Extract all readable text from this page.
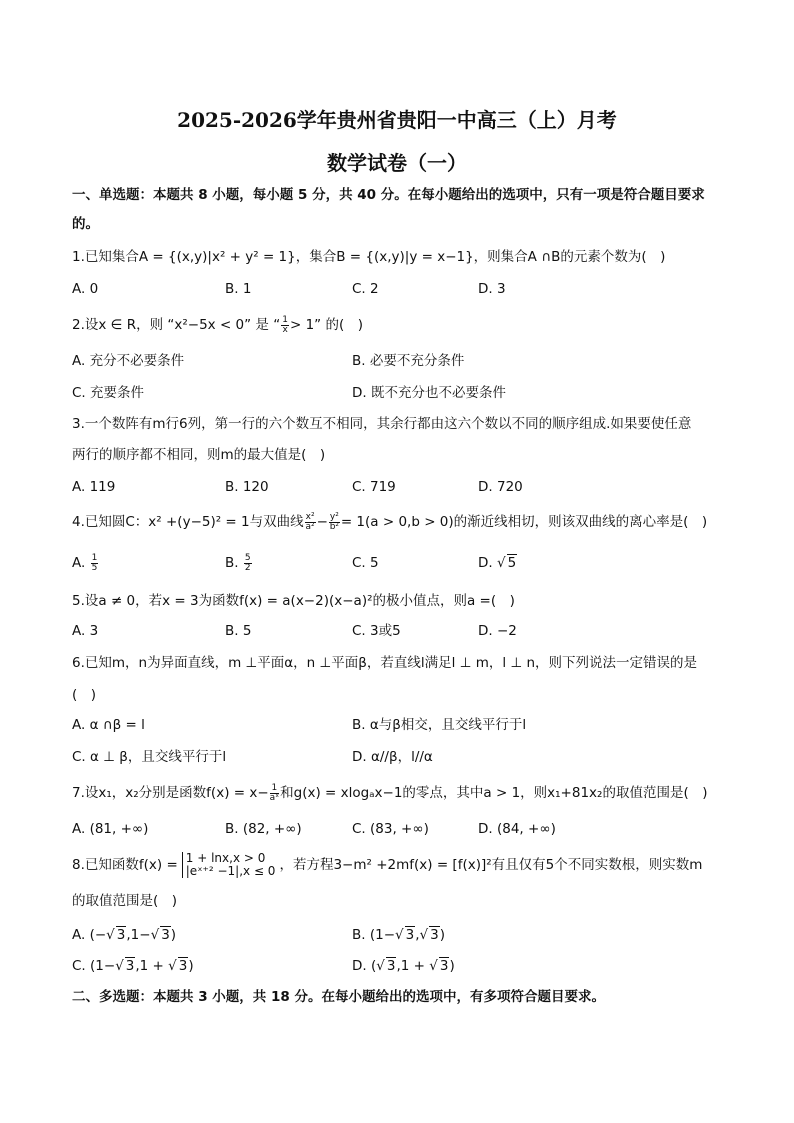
2025-2026学年贵州省贵阳一中高三（上）月考
数学试卷（一）
一、单选题：本题共 8 小题，每小题 5 分，共 40 分。在每小题给出的选项中，只有一项是符合题目要求
的。
1.已知集合A = {(x,y)|x² + y² = 1}，集合B = {(x,y)|y = x−1}，则集合A ∩B的元素个数为(　)
A. 0	B. 1	C. 2	D. 3
2.设x ∈ R，则 “x²−5x < 0” 是 “ $\frac{1}{x} > 1$” 的(　)
A. 充分不必要条件	B. 必要不充分条件
C. 充要条件	D. 既不充分也不必要条件
3.一个数阵有m行6列，第一行的六个数互不相同，其余行都由这六个数以不同的顺序组成.如果要使任意
两行的顺序都不相同，则m的最大值是(　)
A. 119	B. 120	C. 719	D. 720
4.已知圆C：x² +(y−5)² = 1与双曲线 $\frac{\text{x²}}{\text{a²}} - \frac{\text{y²}}{\text{b²}} = 1(a > 0,b > 0)$的渐近线相切，则该双曲线的离心率是(　)
A. $\frac{1}{5}$	B. $\frac{5}{2}$	C. 5	D. √ 5
5.设a ≠ 0，若x = 3为函数f(x) = a(x−2)(x−a)²的极小值点，则a =(　)
A. 3	B. 5	C. 3或5	D. −2
6.已知m，n为异面直线，m ⊥平面α，n ⊥平面β，若直线l满足l ⊥ m，l ⊥ n，则下列说法一定错误的是
(　)
A. α ∩β = l	B. α与β相交，且交线平行于l
C. α ⊥ β，且交线平行于l	D. α//β，l//α
7.设x₁，x₂分别是函数$f(x) = x- \frac{1}{\text{aˣ}}$ 和g(x) = xlogₐx−1的零点，其中a > 1，则x₁+81x₂的取值范围是(　)
A. (81, +∞)	B. (82, +∞)	C. (83, +∞)	D. (84, +∞)
8.已知函数f(x) = 1 + lnx,x > 0
|eˣ⁺² −1|,x ≤ 0 ，若方程3−m² +2mf(x) = [f(x)]²有且仅有5个不同实数根，则实数m
的取值范围是(　)
A. (−√ 3,1−√ 3)	B. (1−√ 3,√ 3)
C. (1−√ 3,1 + √ 3)	D. (√ 3,1 + √ 3)
二、多选题：本题共 3 小题，共 18 分。在每小题给出的选项中，有多项符合题目要求。
